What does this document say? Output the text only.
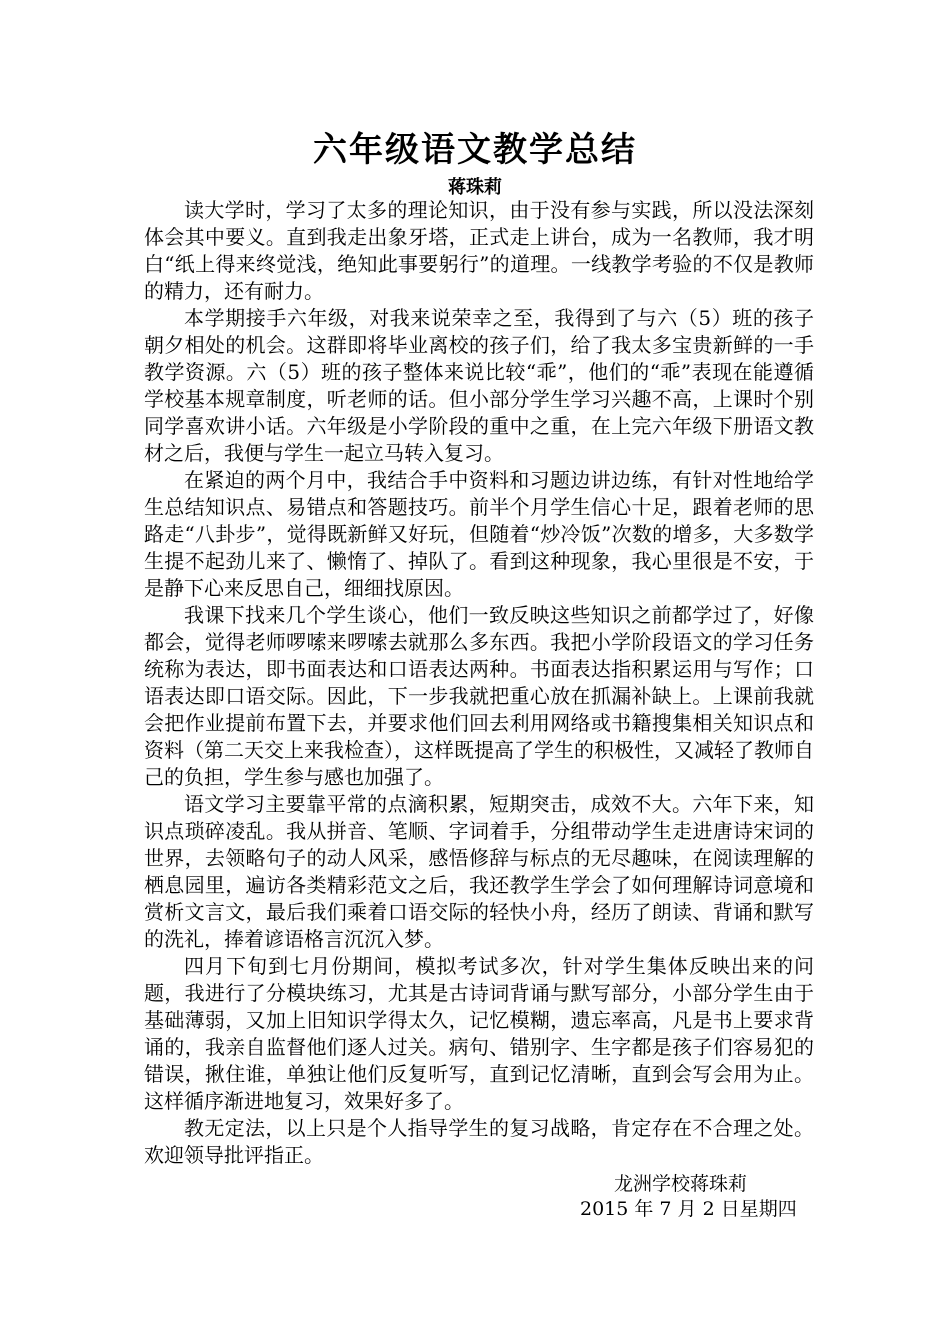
六年级语文教学总结
蒋珠莉

读大学时，学习了太多的理论知识，由于没有参与实践，所以没法深刻体会其中要义。直到我走出象牙塔，正式走上讲台，成为一名教师，我才明白“纸上得来终觉浅，绝知此事要躬行”的道理。一线教学考验的不仅是教师的精力，还有耐力。

本学期接手六年级，对我来说荣幸之至，我得到了与六（5）班的孩子朝夕相处的机会。这群即将毕业离校的孩子们，给了我太多宝贵新鲜的一手教学资源。六（5）班的孩子整体来说比较“乖”，他们的“乖”表现在能遵循学校基本规章制度，听老师的话。但小部分学生学习兴趣不高，上课时个别同学喜欢讲小话。六年级是小学阶段的重中之重，在上完六年级下册语文教材之后，我便与学生一起立马转入复习。

在紧迫的两个月中，我结合手中资料和习题边讲边练，有针对性地给学生总结知识点、易错点和答题技巧。前半个月学生信心十足，跟着老师的思路走“八卦步”，觉得既新鲜又好玩，但随着“炒冷饭”次数的增多，大多数学生提不起劲儿来了、懒惰了、掉队了。看到这种现象，我心里很是不安，于是静下心来反思自己，细细找原因。

我课下找来几个学生谈心，他们一致反映这些知识之前都学过了，好像都会，觉得老师啰嗦来啰嗦去就那么多东西。我把小学阶段语文的学习任务统称为表达，即书面表达和口语表达两种。书面表达指积累运用与写作；口语表达即口语交际。因此，下一步我就把重心放在抓漏补缺上。上课前我就会把作业提前布置下去，并要求他们回去利用网络或书籍搜集相关知识点和资料（第二天交上来我检查），这样既提高了学生的积极性，又减轻了教师自己的负担，学生参与感也加强了。

语文学习主要靠平常的点滴积累，短期突击，成效不大。六年下来，知识点琐碎凌乱。我从拼音、笔顺、字词着手，分组带动学生走进唐诗宋词的世界，去领略句子的动人风采，感悟修辞与标点的无尽趣味，在阅读理解的栖息园里，遍访各类精彩范文之后，我还教学生学会了如何理解诗词意境和赏析文言文，最后我们乘着口语交际的轻快小舟，经历了朗读、背诵和默写的洗礼，捧着谚语格言沉沉入梦。

四月下旬到七月份期间，模拟考试多次，针对学生集体反映出来的问题，我进行了分模块练习，尤其是古诗词背诵与默写部分，小部分学生由于基础薄弱，又加上旧知识学得太久，记忆模糊，遗忘率高，凡是书上要求背诵的，我亲自监督他们逐人过关。病句、错别字、生字都是孩子们容易犯的错误，揪住谁，单独让他们反复听写，直到记忆清晰，直到会写会用为止。这样循序渐进地复习，效果好多了。

教无定法，以上只是个人指导学生的复习战略，肯定存在不合理之处。欢迎领导批评指正。

龙洲学校蒋珠莉
2015 年 7 月 2 日星期四
